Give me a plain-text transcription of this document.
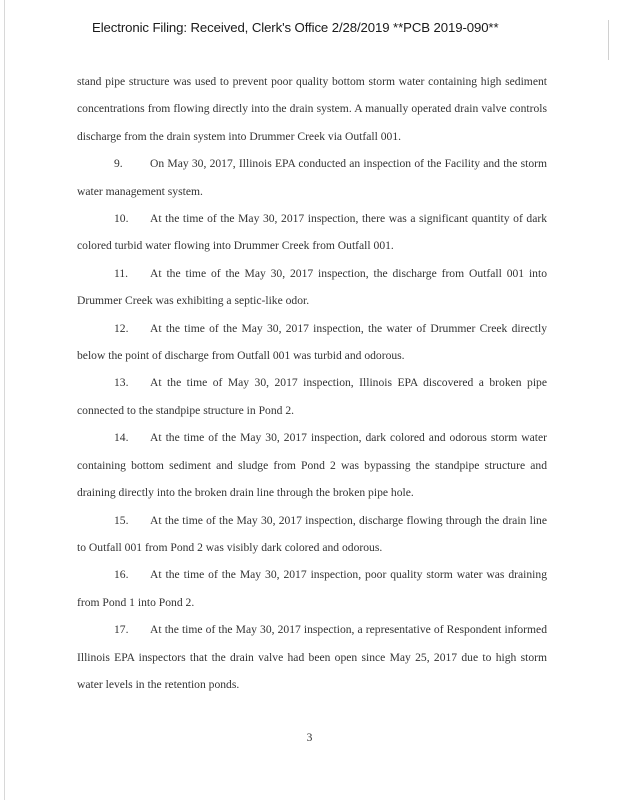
Electronic Filing: Received, Clerk's Office 2/28/2019 **PCB 2019-090**

stand pipe structure was used to prevent poor quality bottom storm water containing high sediment concentrations from flowing directly into the drain system. A manually operated drain valve controls discharge from the drain system into Drummer Creek via Outfall 001.

9. On May 30, 2017, Illinois EPA conducted an inspection of the Facility and the storm water management system.

10. At the time of the May 30, 2017 inspection, there was a significant quantity of dark colored turbid water flowing into Drummer Creek from Outfall 001.

11. At the time of the May 30, 2017 inspection, the discharge from Outfall 001 into Drummer Creek was exhibiting a septic-like odor.

12. At the time of the May 30, 2017 inspection, the water of Drummer Creek directly below the point of discharge from Outfall 001 was turbid and odorous.

13. At the time of May 30, 2017 inspection, Illinois EPA discovered a broken pipe connected to the standpipe structure in Pond 2.

14. At the time of the May 30, 2017 inspection, dark colored and odorous storm water containing bottom sediment and sludge from Pond 2 was bypassing the standpipe structure and draining directly into the broken drain line through the broken pipe hole.

15. At the time of the May 30, 2017 inspection, discharge flowing through the drain line to Outfall 001 from Pond 2 was visibly dark colored and odorous.

16. At the time of the May 30, 2017 inspection, poor quality storm water was draining from Pond 1 into Pond 2.

17. At the time of the May 30, 2017 inspection, a representative of Respondent informed Illinois EPA inspectors that the drain valve had been open since May 25, 2017 due to high storm water levels in the retention ponds.

3
